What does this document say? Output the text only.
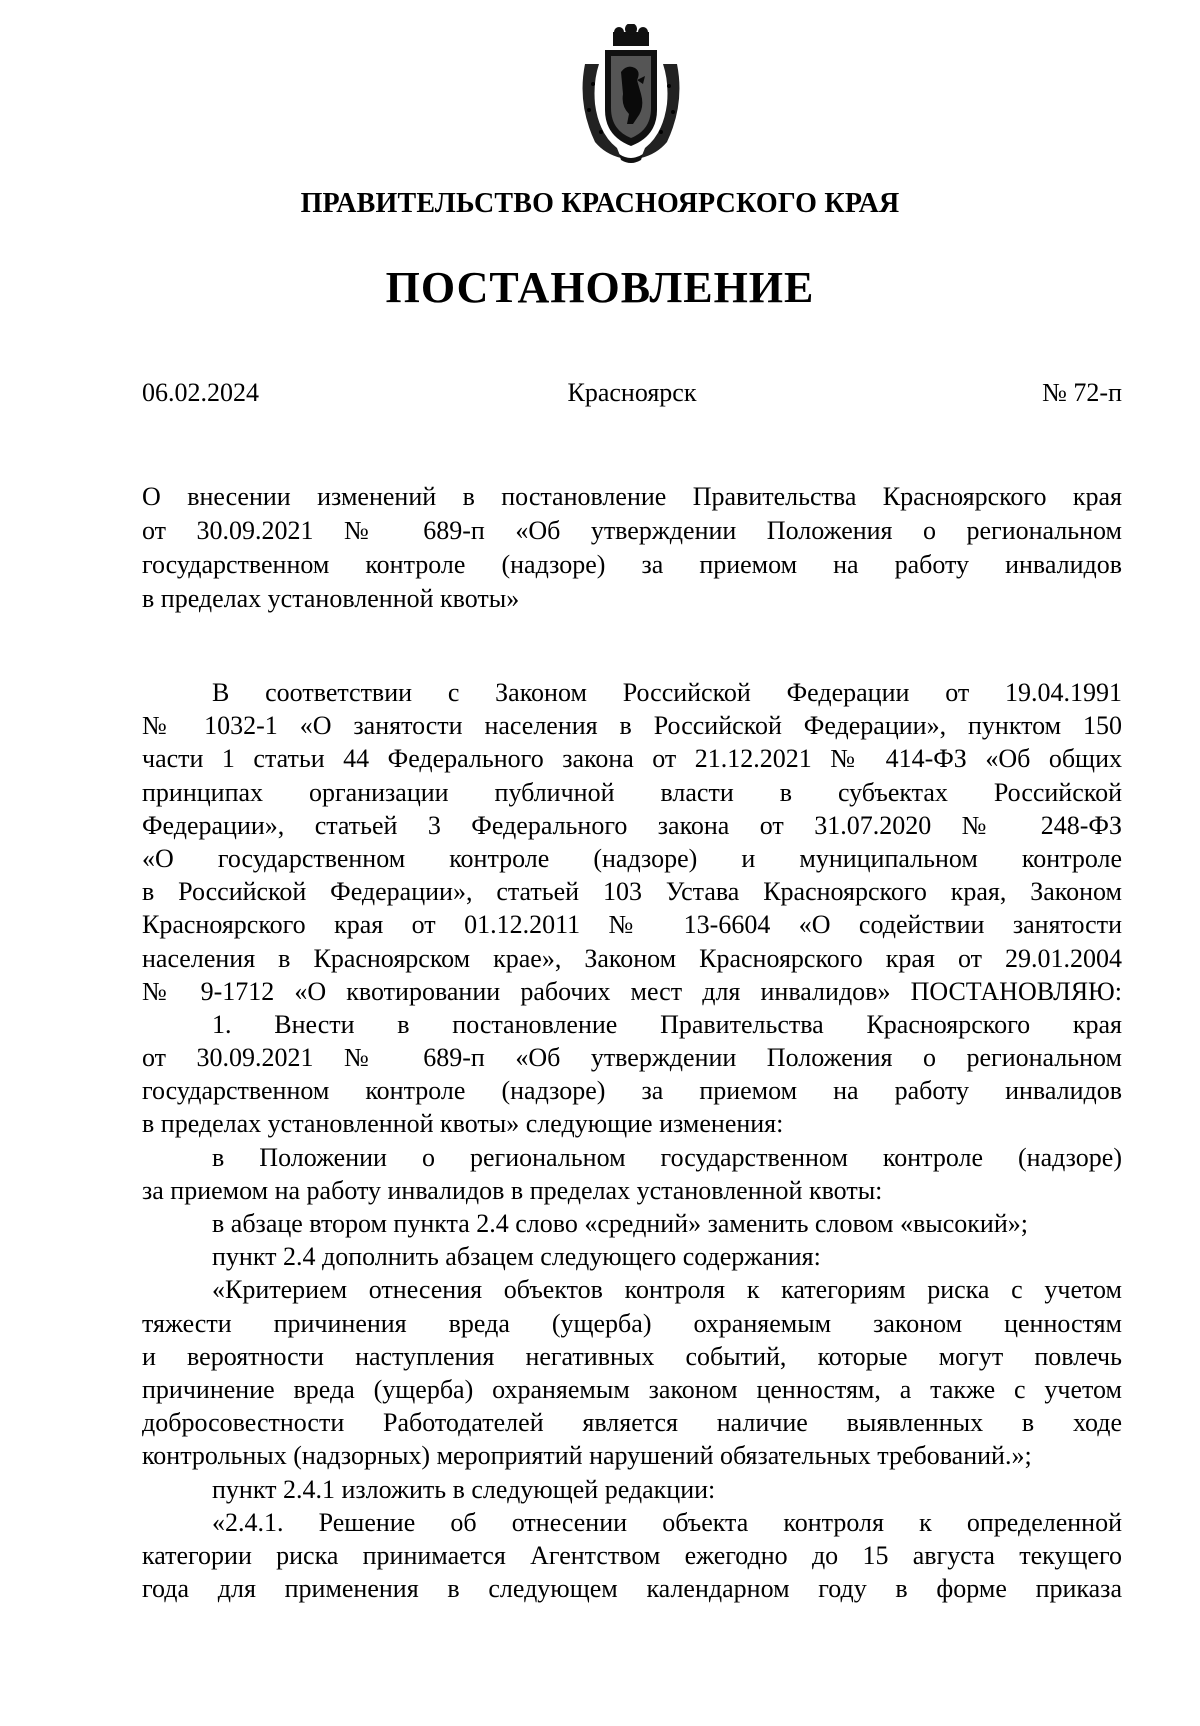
ПРАВИТЕЛЬСТВО КРАСНОЯРСКОГО КРАЯ
ПОСТАНОВЛЕНИЕ
06.02.2024	Красноярск	№ 72-п
О внесении изменений в постановление Правительства Красноярского края
от 30.09.2021 № 689-п «Об утверждении Положения о региональном
государственном контроле (надзоре) за приемом на работу инвалидов
в пределах установленной квоты»
В соответствии с Законом Российской Федерации от 19.04.1991
№ 1032-1 «О занятости населения в Российской Федерации», пунктом 150
части 1 статьи 44 Федерального закона от 21.12.2021 № 414-ФЗ «Об общих
принципах организации публичной власти в субъектах Российской
Федерации», статьей 3 Федерального закона от 31.07.2020 № 248-ФЗ
«О государственном контроле (надзоре) и муниципальном контроле
в Российской Федерации», статьей 103 Устава Красноярского края, Законом
Красноярского края от 01.12.2011 № 13-6604 «О содействии занятости
населения в Красноярском крае», Законом Красноярского края от 29.01.2004
№ 9-1712 «О квотировании рабочих мест для инвалидов» ПОСТАНОВЛЯЮ:
1. Внести в постановление Правительства Красноярского края
от 30.09.2021 № 689-п «Об утверждении Положения о региональном
государственном контроле (надзоре) за приемом на работу инвалидов
в пределах установленной квоты» следующие изменения:
в Положении о региональном государственном контроле (надзоре)
за приемом на работу инвалидов в пределах установленной квоты:
в абзаце втором пункта 2.4 слово «средний» заменить словом «высокий»;
пункт 2.4 дополнить абзацем следующего содержания:
«Критерием отнесения объектов контроля к категориям риска с учетом
тяжести причинения вреда (ущерба) охраняемым законом ценностям
и вероятности наступления негативных событий, которые могут повлечь
причинение вреда (ущерба) охраняемым законом ценностям, а также с учетом
добросовестности Работодателей является наличие выявленных в ходе
контрольных (надзорных) мероприятий нарушений обязательных требований.»;
пункт 2.4.1 изложить в следующей редакции:
«2.4.1. Решение об отнесении объекта контроля к определенной
категории риска принимается Агентством ежегодно до 15 августа текущего
года для применения в следующем календарном году в форме приказа
